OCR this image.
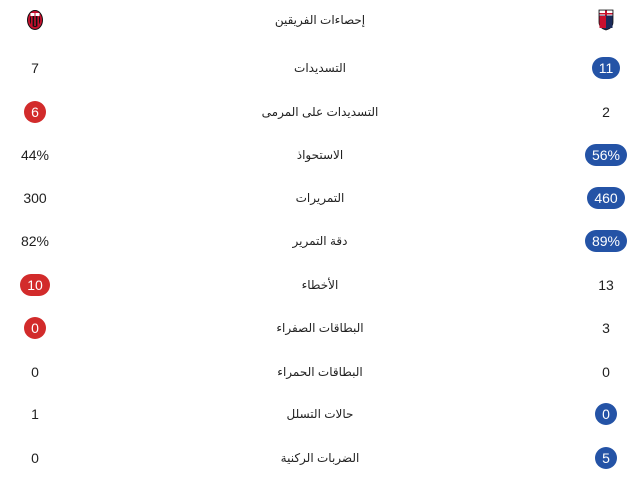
إحصاءات الفريقين
7	التسديدات	11
6	التسديدات على المرمى	2
44%	الاستحواذ	56%
300	التمريرات	460
82%	دقة التمرير	89%
10	الأخطاء	13
0	البطاقات الصفراء	3
0	البطاقات الحمراء	0
1	حالات التسلل	0
0	الضربات الركنية	5
